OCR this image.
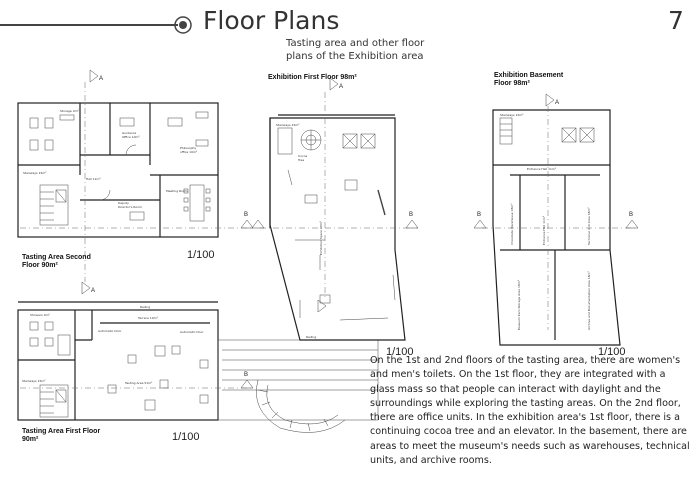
Storage 4m²
Stairways 15m²
Hall 11m²
Guidance
Office 10m²
Philosophy
office 10m²
Deputy
Director's Room
Meeting Room
A
A
B
Showers 4m²
Stairways 15m²	Tasting Area 51m²
Terrace 10m²
Automatic Door	Automatic Door
Railing
B
Stairways 15m²
Cocoa
Tree
Exhibition Space 60m²
Railing
A
B
Stairways 15m²
Entrance Hall 11m²
Chocolate Warehouse 18m²	Entrance Hall 11m²	Technical Unit Area 18m²
Museum Item Storage Area 18m²	Archive and Documentation Area 18m²
A
B
B
Floor Plans	7
Tasting area and other floor plans of the Exhibition area
Exhibition First Floor 98m²	Exhibition Basement Floor 98m²
Tasting Area Second Floor 90m²
Tasting Area First Floor 90m²
1/100
1/100
1/100	1/100
On the 1st and 2nd floors of the tasting area, there are women's and men's toilets. On the 1st floor, they are integrated with a glass mass so that people can interact with daylight and the surroundings while exploring the tasting areas. On the 2nd floor, there are office units. In the exhibition area's 1st floor, there is a continuing cocoa tree and an elevator. In the basement, there are areas to meet the museum's needs such as warehouses, technical units, and archive rooms.
